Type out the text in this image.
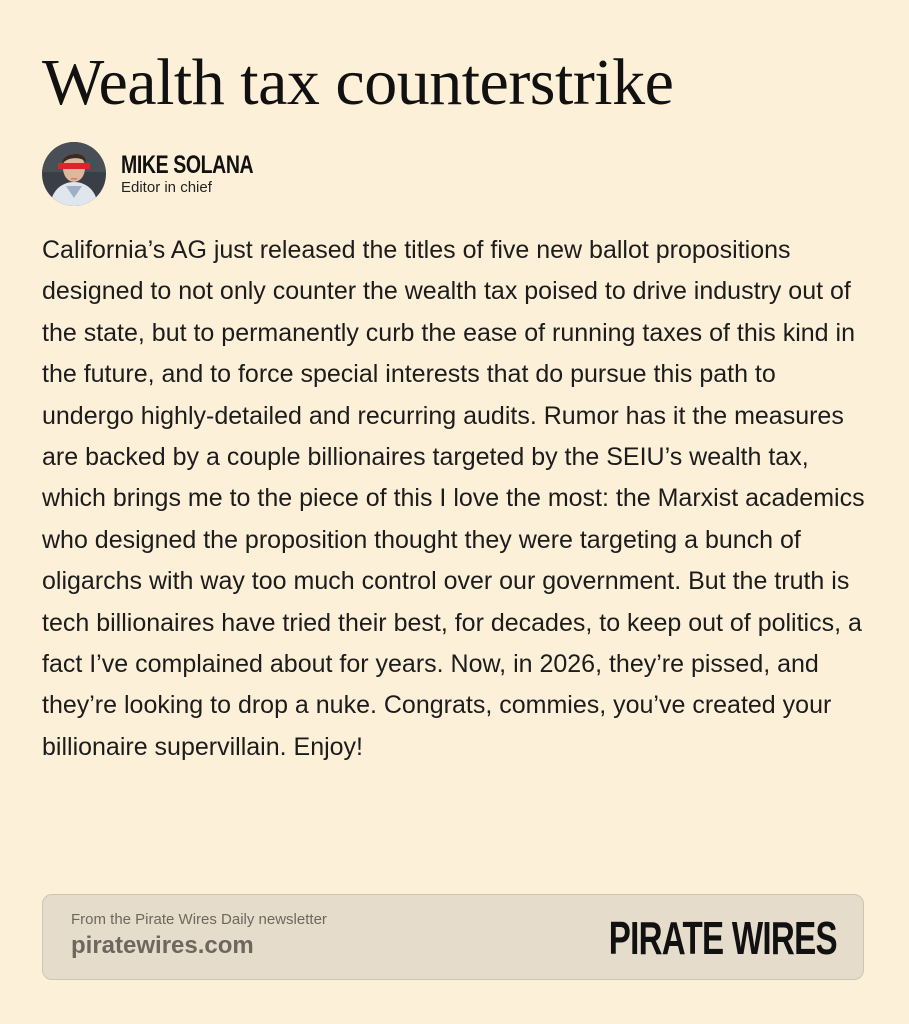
Wealth tax counterstrike
MIKE SOLANA
Editor in chief

California’s AG just released the titles of five new ballot propositions designed to not only counter the wealth tax poised to drive industry out of the state, but to permanently curb the ease of running taxes of this kind in the future, and to force special interests that do pursue this path to undergo highly-detailed and recurring audits. Rumor has it the measures are backed by a couple billionaires targeted by the SEIU’s wealth tax, which brings me to the piece of this I love the most: the Marxist academics who designed the proposition thought they were targeting a bunch of oligarchs with way too much control over our government. But the truth is tech billionaires have tried their best, for decades, to keep out of politics, a fact I’ve complained about for years. Now, in 2026, they’re pissed, and they’re looking to drop a nuke. Congrats, commies, you’ve created your billionaire supervillain. Enjoy!

From the Pirate Wires Daily newsletter
piratewires.com	PIRATE WIRES
